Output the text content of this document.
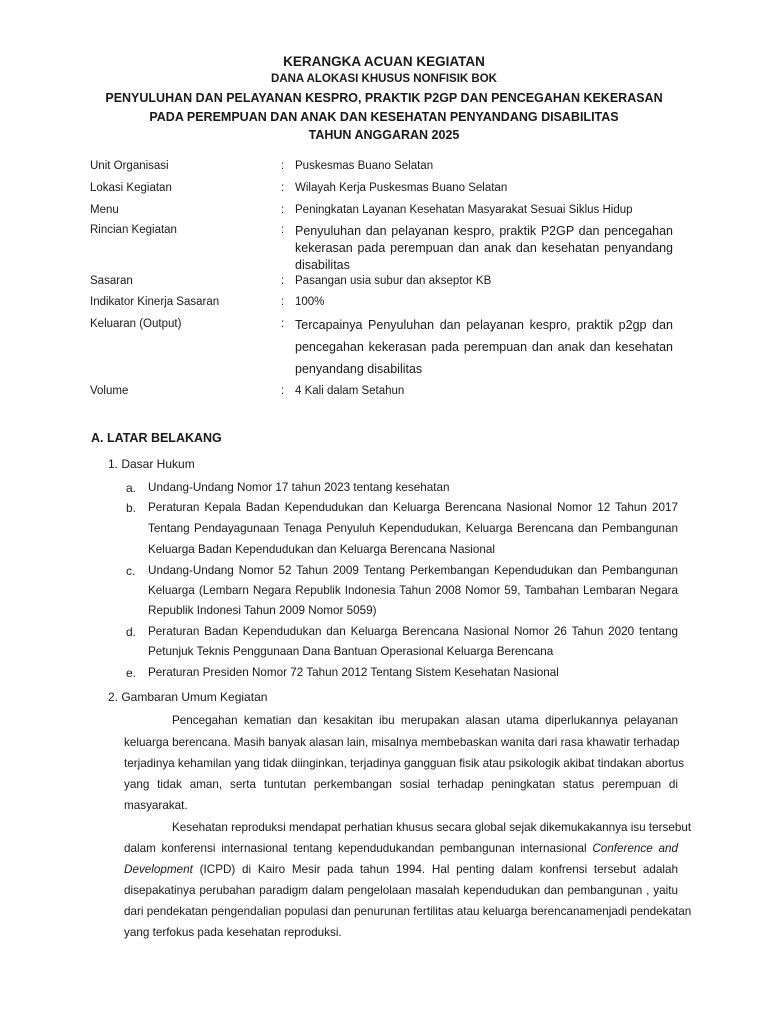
KERANGKA ACUAN KEGIATAN
DANA ALOKASI KHUSUS NONFISIK BOK
PENYULUHAN DAN PELAYANAN KESPRO, PRAKTIK P2GP DAN PENCEGAHAN KEKERASAN
PADA PEREMPUAN DAN ANAK DAN KESEHATAN PENYANDANG DISABILITAS
TAHUN ANGGARAN 2025
Unit Organisasi	: Puskesmas Buano Selatan
Lokasi Kegiatan	: Wilayah Kerja Puskesmas Buano Selatan
Menu	: Peningkatan Layanan Kesehatan Masyarakat Sesuai Siklus Hidup
Rincian Kegiatan	: Penyuluhan dan pelayanan kespro, praktik P2GP dan pencegahan
kekerasan pada perempuan dan anak dan kesehatan penyandang
disabilitas
Sasaran	: Pasangan usia subur dan akseptor KB
Indikator Kinerja Sasaran	: 100%
Keluaran (Output)	: Tercapainya Penyuluhan dan pelayanan kespro, praktik p2gp dan
pencegahan kekerasan pada perempuan dan anak dan kesehatan
penyandang disabilitas
Volume	: 4 Kali dalam Setahun
A. LATAR BELAKANG
1. Dasar Hukum
a. Undang-Undang Nomor 17 tahun 2023 tentang kesehatan
b. Peraturan Kepala Badan Kependudukan dan Keluarga Berencana Nasional Nomor 12 Tahun 2017
Tentang Pendayagunaan Tenaga Penyuluh Kependudukan, Keluarga Berencana dan Pembangunan
Keluarga Badan Kependudukan dan Keluarga Berencana Nasional
c. Undang-Undang Nomor 52 Tahun 2009 Tentang Perkembangan Kependudukan dan Pembangunan
Keluarga (Lembarn Negara Republik Indonesia Tahun 2008 Nomor 59, Tambahan Lembaran Negara
Republik Indonesi Tahun 2009 Nomor 5059)
d. Peraturan Badan Kependudukan dan Keluarga Berencana Nasional Nomor 26 Tahun 2020 tentang
Petunjuk Teknis Penggunaan Dana Bantuan Operasional Keluarga Berencana
e. Peraturan Presiden Nomor 72 Tahun 2012 Tentang Sistem Kesehatan Nasional
2. Gambaran Umum Kegiatan
Pencegahan kematian dan kesakitan ibu merupakan alasan utama diperlukannya pelayanan
keluarga berencana. Masih banyak alasan lain, misalnya membebaskan wanita dari rasa khawatir terhadap
terjadinya kehamilan yang tidak diinginkan, terjadinya gangguan fisik atau psikologik akibat tindakan abortus
yang tidak aman, serta tuntutan perkembangan sosial terhadap peningkatan status perempuan di
masyarakat.
Kesehatan reproduksi mendapat perhatian khusus secara global sejak dikemukakannya isu tersebut
dalam konferensi internasional tentang kependudukandan pembangunan internasional Conference and
Development (ICPD) di Kairo Mesir pada tahun 1994. Hal penting dalam konfrensi tersebut adalah
disepakatinya perubahan paradigm dalam pengelolaan masalah kependudukan dan pembangunan , yaitu
dari pendekatan pengendalian populasi dan penurunan fertilitas atau keluarga berencanamenjadi pendekatan
yang terfokus pada kesehatan reproduksi.
